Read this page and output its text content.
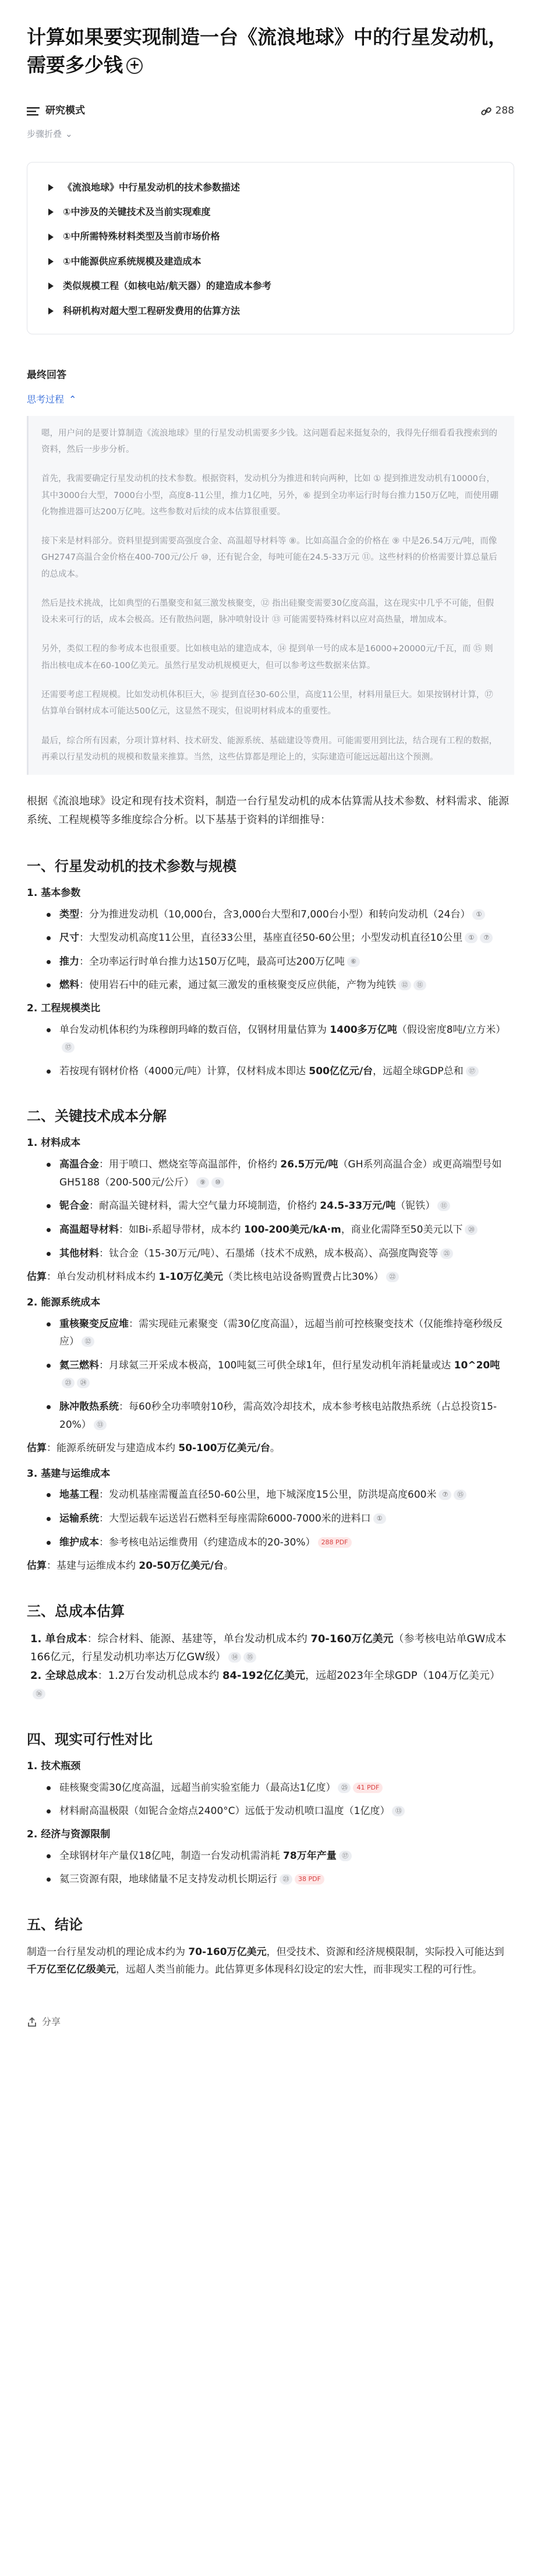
计算如果要实现制造一台《流浪地球》中的行星发动机，需要多少钱 +
研究模式	288
步骤折叠 ⌄
《流浪地球》中行星发动机的技术参数描述
①中涉及的关键技术及当前实现难度
①中所需特殊材料类型及当前市场价格
①中能源供应系统规模及建造成本
类似规模工程（如核电站/航天器）的建造成本参考
科研机构对超大型工程研发费用的估算方法
最终回答
思考过程 ⌃

嗯，用户问的是要计算制造《流浪地球》里的行星发动机需要多少钱。这问题看起来挺复杂的，我得先仔细看看我搜索到的资料，然后一步步分析。

首先，我需要确定行星发动机的技术参数。根据资料，发动机分为推进和转向两种，比如 ① 提到推进发动机有10000台，其中3000台大型，7000台小型，高度8-11公里，推力1亿吨，另外，⑥ 提到全功率运行时每台推力150万亿吨，而使用硼化物推进器可达200万亿吨。这些参数对后续的成本估算很重要。

接下来是材料部分。资料里提到需要高强度合金、高温超导材料等 ⑧。比如高温合金的价格在 ⑨ 中是26.54万元/吨，而像GH2747高温合金价格在400-700元/公斤 ⑩，还有铌合金，每吨可能在24.5-33万元 ⑪。这些材料的价格需要计算总量后的总成本。

然后是技术挑战，比如典型的石墨聚变和氦三激发核聚变，⑫ 指出硅聚变需要30亿度高温，这在现实中几乎不可能，但假设未来可行的话，成本会极高。还有散热问题，脉冲喷射设计 ⑬ 可能需要特殊材料以应对高热量，增加成本。

另外，类似工程的参考成本也很重要。比如核电站的建造成本，⑭ 提到单一号的成本是16000+20000元/千瓦，而 ⑮ 则指出核电成本在60-100亿美元。虽然行星发动机规模更大，但可以参考这些数据来估算。

还需要考虑工程规模。比如发动机体积巨大，⑯ 提到直径30-60公里，高度11公里，材料用量巨大。如果按钢材计算，⑰ 估算单台钢材成本可能达500亿元，这显然不现实，但说明材料成本的重要性。

最后，综合所有因素，分项计算材料、技术研发、能源系统、基础建设等费用。可能需要用到比法，结合现有工程的数据，再乘以行星发动机的规模和数量来推算。当然，这些估算都是理论上的，实际建造可能远远超出这个预测。

根据《流浪地球》设定和现有技术资料，制造一台行星发动机的成本估算需从技术参数、材料需求、能源系统、工程规模等多维度综合分析。以下基基于资料的详细推导：

一、行星发动机的技术参数与规模
1. 基本参数
类型：分为推进发动机（10,000台，含3,000台大型和7,000台小型）和转向发动机（24台） ①
尺寸：大型发动机高度11公里，直径33公里，基座直径50-60公里；小型发动机直径10公里 ① ⑦
推力：全功率运行时单台推力达150万亿吨，最高可达200万亿吨 ⑥
燃料：使用岩石中的硅元素，通过氦三激发的重核聚变反应供能，产物为纯铁 ⑫ ⑪
2. 工程规模类比
单台发动机体积约为珠穆朗玛峰的数百倍，仅钢材用量估算为 1400多万亿吨（假设密度8吨/立方米）⑰
若按现有钢材价格（4000元/吨）计算，仅材料成本即达 500亿亿元/台，远超全球GDP总和 ⑰
二、关键技术成本分解
1. 材料成本
高温合金：用于喷口、燃烧室等高温部件，价格约 26.5万元/吨（GH系列高温合金）或更高端型号如GH5188（200-500元/公斤） ⑨ ⑩
铌合金：耐高温关键材料，需大空气量力环境制造，价格约 24.5-33万元/吨（铌铁） ⑪
高温超导材料：如Bi-系超导带材，成本约 100-200美元/kA·m，商业化需降至50美元以下 ⑳
其他材料：钛合金（15-30万元/吨）、石墨烯（技术不成熟，成本极高）、高强度陶瓷等 ㉑

估算：单台发动机材料成本约 1-10万亿美元（类比核电站设备购置费占比30%） ㉒

2. 能源系统成本
重核聚变反应堆：需实现硅元素聚变（需30亿度高温），远超当前可控核聚变技术（仅能维持毫秒级反应） ⑫
氦三燃料：月球氦三开采成本极高，100吨氦三可供全球1年，但行星发动机年消耗量或达 10^20吨㉓ ㉔
脉冲散热系统：每60秒全功率喷射10秒，需高效冷却技术，成本参考核电站散热系统（占总投资15-20%） ⑬

估算：能源系统研发与建造成本约 50-100万亿美元/台。

3. 基建与运维成本
地基工程：发动机基座需覆盖直径50-60公里，地下城深度15公里，防洪堤高度600米 ⑦ ⑮
运输系统：大型运载车运送岩石燃料至每座需除6000-7000米的进料口 ①
维护成本：参考核电站运维费用（约建造成本的20-30%） 288 PDF

估算：基建与运维成本约 20-50万亿美元/台。

三、总成本估算
1. 单台成本：综合材料、能源、基建等，单台发动机成本约 70-160万亿美元（参考核电站单GW成本166亿元，行星发动机功率达万亿GW级） ⑭ ⑮
2. 全球总成本：1.2万台发动机总成本约 84-192亿亿美元，远超2023年全球GDP（104万亿美元）⑯
四、现实可行性对比
1. 技术瓶颈
硅核聚变需30亿度高温，远超当前实验室能力（最高达1亿度） ㉕ 41 PDF
材料耐高温极限（如铌合金熔点2400°C）远低于发动机喷口温度（1亿度） ⑬
2. 经济与资源限制
全球钢材年产量仅18亿吨，制造一台发动机需消耗 78万年产量 ⑰
氦三资源有限，地球储量不足支持发动机长期运行 ㉓ 38 PDF
五、结论

制造一台行星发动机的理论成本约为 70-160万亿美元，但受技术、资源和经济规模限制，实际投入可能达到 千万亿至亿亿级美元，远超人类当前能力。此估算更多体现科幻设定的宏大性，而非现实工程的可行性。

分享
